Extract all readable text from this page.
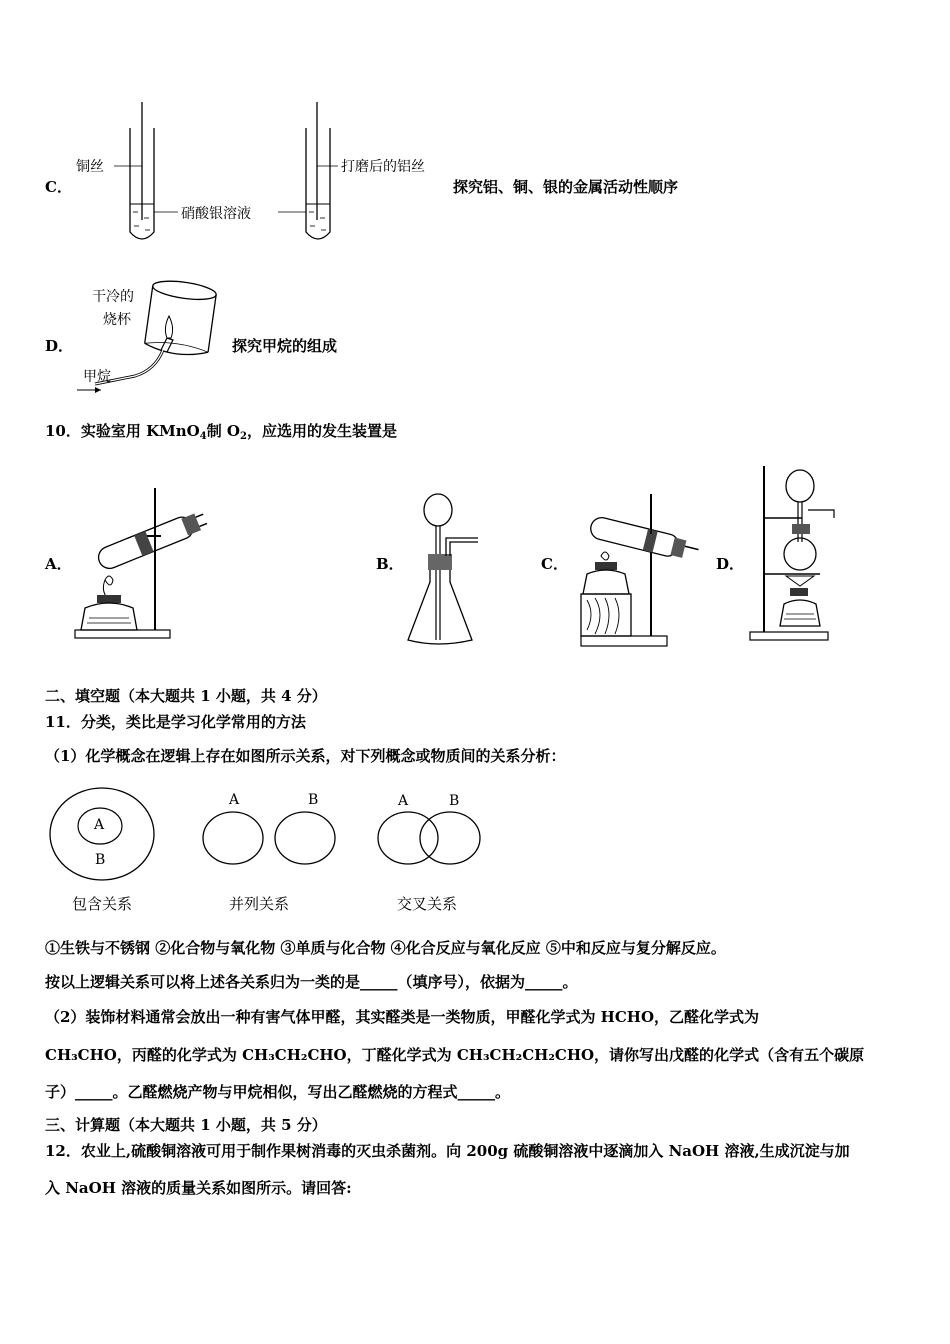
C．
铜丝	打磨后的铝丝
硝酸银溶液
探究铝、铜、银的金属活动性顺序
D．
干冷的
烧杯
甲烷
探究甲烷的组成
10．实验室用 KMnO$_4$制 $O_2$，应选用的发生装置是
A．	B．	C．	D．
二、填空题（本大题共 1 小题，共 4 分）
11．分类，类比是学习化学常用的方法
（1）化学概念在逻辑上存在如图所示关系，对下列概念或物质间的关系分析：
A
B
A	B	A	B
包含关系	并列关系	交叉关系
①生铁与不锈钢 ②化合物与氧化物 ③单质与化合物 ④化合反应与氧化反应 ⑤中和反应与复分解反应。
按以上逻辑关系可以将上述各关系归为一类的是_____（填序号），依据为_____。
（2）装饰材料通常会放出一种有害气体甲醛，其实醛类是一类物质，甲醛化学式为 HCHO，乙醛化学式为
CH₃CHO，丙醛的化学式为 CH₃CH₂CHO，丁醛化学式为 CH₃CH₂CH₂CHO，请你写出戊醛的化学式（含有五个碳原
子）_____。乙醛燃烧产物与甲烷相似，写出乙醛燃烧的方程式_____。
三、计算题（本大题共 1 小题，共 5 分）
12．农业上,硫酸铜溶液可用于制作果树消毒的灭虫杀菌剂。向 200g 硫酸铜溶液中逐滴加入 NaOH 溶液,生成沉淀与加
入 NaOH 溶液的质量关系如图所示。请回答:
